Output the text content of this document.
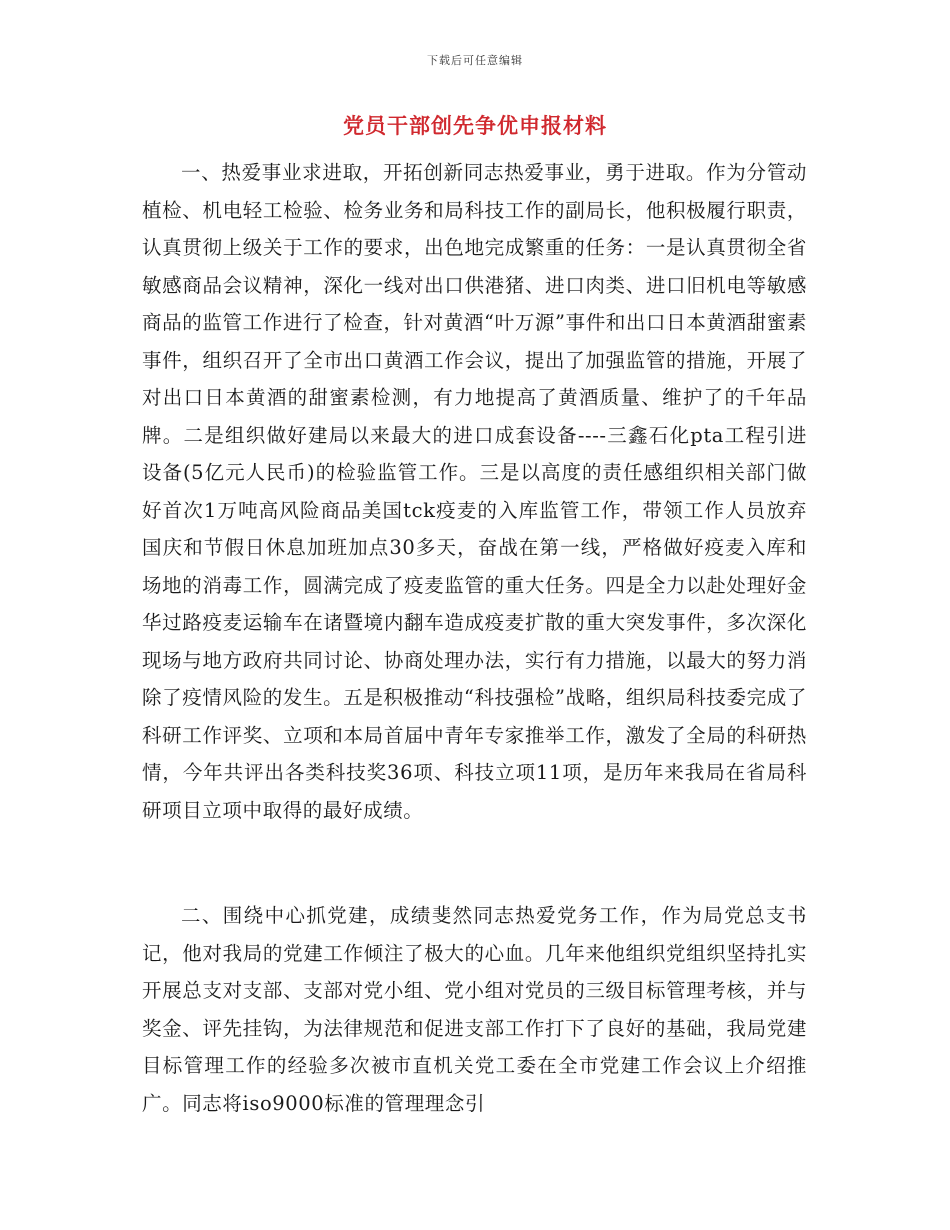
下载后可任意编辑
党员干部创先争优申报材料

一、热爱事业求进取，开拓创新同志热爱事业，勇于进取。作为分管动植检、机电轻工检验、检务业务和局科技工作的副局长，他积极履行职责，认真贯彻上级关于工作的要求，出色地完成繁重的任务：一是认真贯彻全省敏感商品会议精神，深化一线对出口供港猪、进口肉类、进口旧机电等敏感商品的监管工作进行了检查，针对黄酒“叶万源”事件和出口日本黄酒甜蜜素事件，组织召开了全市出口黄酒工作会议，提出了加强监管的措施，开展了对出口日本黄酒的甜蜜素检测，有力地提高了黄酒质量、维护了的千年品牌。二是组织做好建局以来最大的进口成套设备----三鑫石化pta工程引进设备(5亿元人民币)的检验监管工作。三是以高度的责任感组织相关部门做好首次1万吨高风险商品美国tck疫麦的入库监管工作，带领工作人员放弃国庆和节假日休息加班加点30多天，奋战在第一线，严格做好疫麦入库和场地的消毒工作，圆满完成了疫麦监管的重大任务。四是全力以赴处理好金华过路疫麦运输车在诸暨境内翻车造成疫麦扩散的重大突发事件，多次深化现场与地方政府共同讨论、协商处理办法，实行有力措施，以最大的努力消除了疫情风险的发生。五是积极推动“科技强检”战略，组织局科技委完成了科研工作评奖、立项和本局首届中青年专家推举工作，激发了全局的科研热情，今年共评出各类科技奖36项、科技立项11项，是历年来我局在省局科研项目立项中取得的最好成绩。

二、围绕中心抓党建，成绩斐然同志热爱党务工作，作为局党总支书记，他对我局的党建工作倾注了极大的心血。几年来他组织党组织坚持扎实开展总支对支部、支部对党小组、党小组对党员的三级目标管理考核，并与奖金、评先挂钩，为法律规范和促进支部工作打下了良好的基础，我局党建目标管理工作的经验多次被市直机关党工委在全市党建工作会议上介绍推广。同志将iso9000标准的管理理念引
